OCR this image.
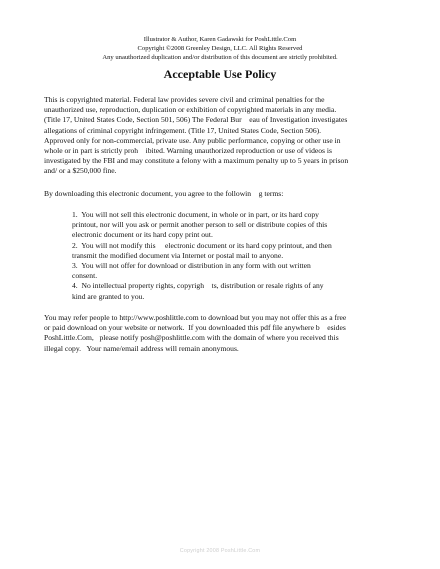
Illustrator & Author, Karen Gadawski for PoshLittle.Com
Copyright ©2008 Greenley Design, LLC. All Rights Reserved
Any unauthorized duplication and/or distribution of this document are strictly prohibited.
Acceptable Use Policy
This is copyrighted material. Federal law provides severe civil and criminal penalties for the
unauthorized use, reproduction, duplication or exhibition of copyrighted materials in any media.
(Title 17, United States Code, Section 501, 506) The Federal Bur    eau of Investigation investigates
allegations of criminal copyright infringement. (Title 17, United States Code, Section 506).
Approved only for non-commercial, private use. Any public performance, copying or other use in
whole or in part is strictly proh    ibited. Warning unauthorized reproduction or use of videos is
investigated by the FBI and may constitute a felony with a maximum penalty up to 5 years in prison
and/ or a $250,000 fine.
By downloading this electronic document, you agree to the followin    g terms:
1.  You will not sell this electronic document, in whole or in part, or its hard copy
printout, nor will you ask or permit another person to sell or distribute copies of this
electronic document or its hard copy print out.
2.  You will not modify this     electronic document or its hard copy printout, and then
transmit the modified document via Internet or postal mail to anyone.
3.  You will not offer for download or distribution in any form with out written
consent.
4.  No intellectual property rights, copyrigh    ts, distribution or resale rights of any
kind are granted to you.
You may refer people to http://www.poshlittle.com to download but you may not offer this as a free
or paid download on your website or network.  If you downloaded this pdf file anywhere b    esides
PoshLittle.Com,   please notify posh@poshlittle.com with the domain of where you received this
illegal copy.   Your name/email address will remain anonymous.
Copyright 2008 PoshLittle.Com
